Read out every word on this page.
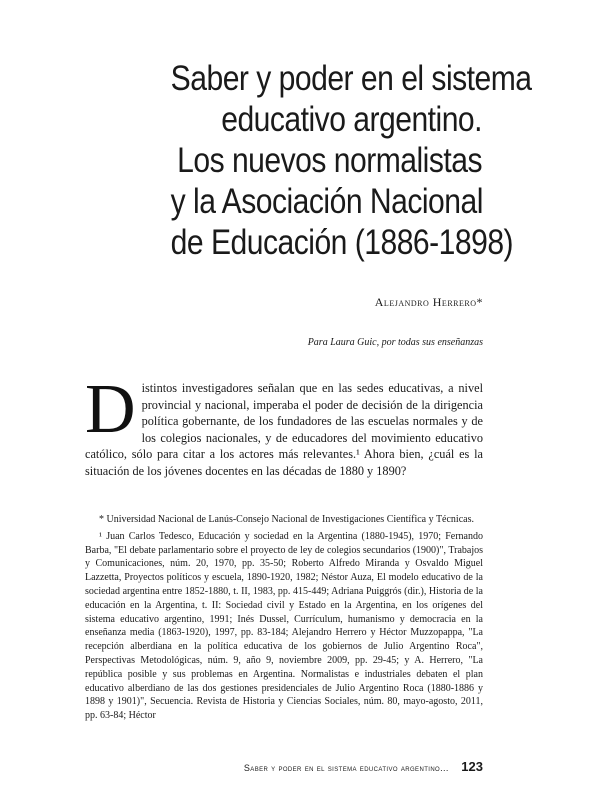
Saber y poder en el sistema
educativo argentino.
Los nuevos normalistas
y la Asociación Nacional
de Educación (1886-1898)
Alejandro Herrero*
Para Laura Guic, por todas sus enseñanzas
Distintos investigadores señalan que en las sedes educativas, a nivel provincial y nacional, imperaba el poder de decisión de la dirigencia política gobernante, de los fundadores de las escuelas normales y de los colegios nacionales, y de educadores del movimiento educativo católico, sólo para citar a los actores más relevantes.¹ Ahora bien, ¿cuál es la situación de los jóvenes docentes en las décadas de 1880 y 1890?

* Universidad Nacional de Lanús-Consejo Nacional de Investigaciones Científica y Técnicas.

¹ Juan Carlos Tedesco, Educación y sociedad en la Argentina (1880-1945), 1970; Fernando Barba, "El debate parlamentario sobre el proyecto de ley de colegios secundarios (1900)", Trabajos y Comunicaciones, núm. 20, 1970, pp. 35-50; Roberto Alfredo Miranda y Osvaldo Miguel Lazzetta, Proyectos políticos y escuela, 1890-1920, 1982; Néstor Auza, El modelo educativo de la sociedad argentina entre 1852-1880, t. II, 1983, pp. 415-449; Adriana Puiggrós (dir.), Historia de la educación en la Argentina, t. II: Sociedad civil y Estado en la Argentina, en los orígenes del sistema educativo argentino, 1991; Inés Dussel, Currículum, humanismo y democracia en la enseñanza media (1863-1920), 1997, pp. 83-184; Alejandro Herrero y Héctor Muzzopappa, "La recepción alberdiana en la política educativa de los gobiernos de Julio Argentino Roca", Perspectivas Metodológicas, núm. 9, año 9, noviembre 2009, pp. 29-45; y A. Herrero, "La república posible y sus problemas en Argentina. Normalistas e industriales debaten el plan educativo alberdiano de las dos gestiones presidenciales de Julio Argentino Roca (1880-1886 y 1898 y 1901)", Secuencia. Revista de Historia y Ciencias Sociales, núm. 80, mayo-agosto, 2011, pp. 63-84; Héctor

Saber y poder en el sistema educativo argentino... 123
